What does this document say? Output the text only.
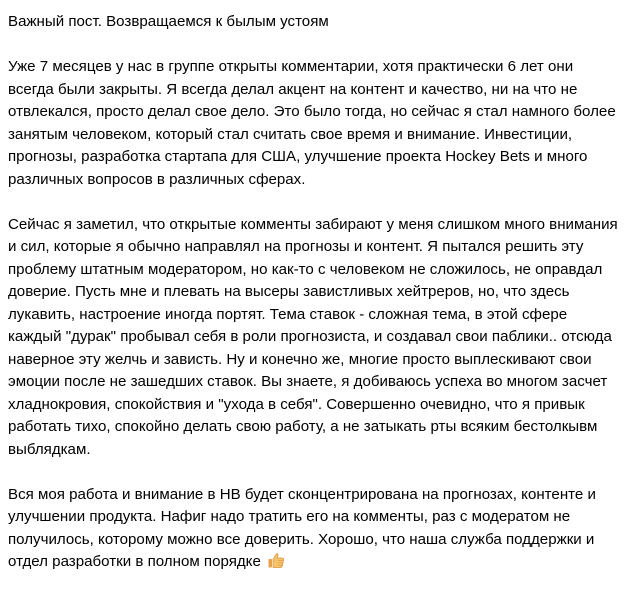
Важный пост. Возвращаемся к былым устоям

Уже 7 месяцев у нас в группе открыты комментарии, хотя практически 6 лет они всегда были закрыты. Я всегда делал акцент на контент и качество, ни на что не отвлекался, просто делал свое дело. Это было тогда, но сейчас я стал намного более занятым человеком, который стал считать свое время и внимание. Инвестиции, прогнозы, разработка стартапа для США, улучшение проекта Hockey Bets и много различных вопросов в различных сферах.

Сейчас я заметил, что открытые комменты забирают у меня слишком много внимания и сил, которые я обычно направлял на прогнозы и контент. Я пытался решить эту проблему штатным модератором, но как-то с человеком не сложилось, не оправдал доверие. Пусть мне и плевать на высеры завистливых хейтреров, но, что здесь лукавить, настроение иногда портят. Тема ставок - сложная тема, в этой сфере каждый "дурак" пробывал себя в роли прогнозиста, и создавал свои паблики.. отсюда наверное эту желчь и зависть. Ну и конечно же, многие просто выплескивают свои эмоции после не зашедших ставок. Вы знаете, я добиваюсь успеха во многом засчет хладнокровия, спокойствия и "ухода в себя". Совершенно очевидно, что я привык работать тихо, спокойно делать свою работу, а не затыкать рты всяким бестолкывм выблядкам.

Вся моя работа и внимание в НВ будет сконцентрирована на прогнозах, контенте и улучшении продукта. Нафиг надо тратить его на комменты, раз с модератом не получилось, которому можно все доверить. Хорошо, что наша служба поддержки и отдел разработки в полном порядке
